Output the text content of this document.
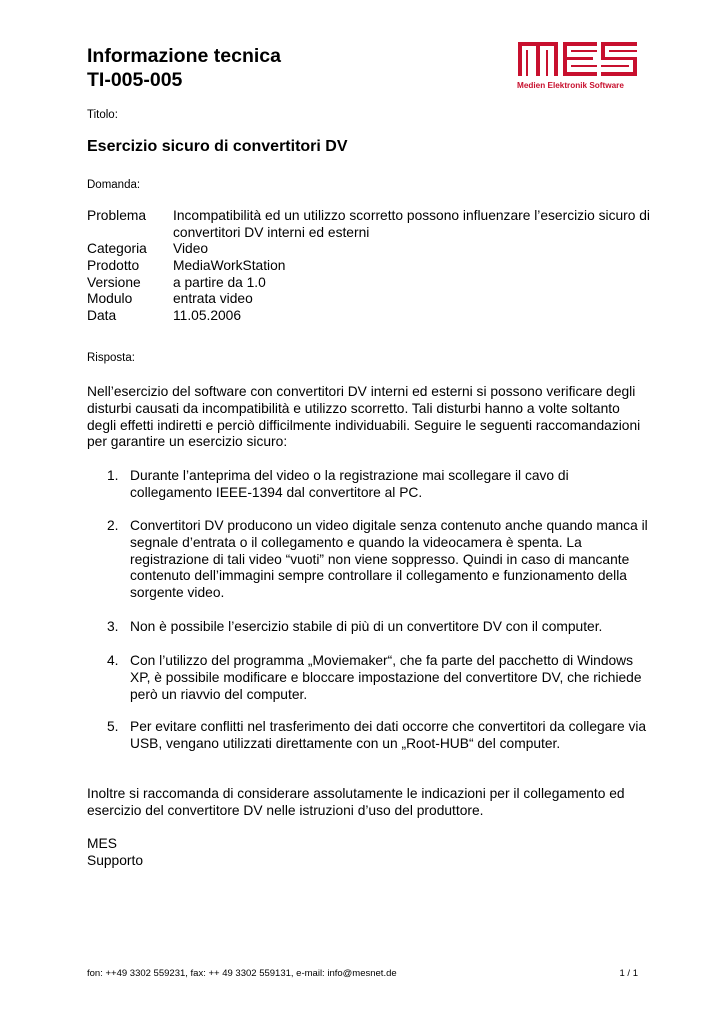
Informazione tecnica
TI-005-005	Medien Elektronik Software
Titolo:
Esercizio sicuro di convertitori DV
Domanda:
Problema Incompatibilità ed un utilizzo scorretto possono influenzare l’esercizio sicuro di convertitori DV interni ed esterni
Categoria Video
Prodotto MediaWorkStation
Versione a partire da 1.0
Modulo	entrata video
Data	11.05.2006
Risposta:
Nell’esercizio del software con convertitori DV interni ed esterni si possono verificare degli disturbi causati da incompatibilità e utilizzo scorretto. Tali disturbi hanno a volte soltanto degli effetti indiretti e perciò difficilmente individuabili. Seguire le seguenti raccomandazioni per garantire un esercizio sicuro:
1. Durante l’anteprima del video o la registrazione mai scollegare il cavo di collegamento IEEE-1394 dal convertitore al PC.
2. Convertitori DV producono un video digitale senza contenuto anche quando manca il segnale d’entrata o il collegamento e quando la videocamera è spenta. La registrazione di tali video “vuoti” non viene soppresso. Quindi in caso di mancante contenuto dell’immagini sempre controllare il collegamento e funzionamento della sorgente video.
3. Non è possibile l’esercizio stabile di più di un convertitore DV con il computer.
4. Con l’utilizzo del programma „Moviemaker“, che fa parte del pacchetto di Windows XP, è possibile modificare e bloccare impostazione del convertitore DV, che richiede però un riavvio del computer.
5. Per evitare conflitti nel trasferimento dei dati occorre che convertitori da collegare via USB, vengano utilizzati direttamente con un „Root-HUB“ del computer.
Inoltre si raccomanda di considerare assolutamente le indicazioni per il collegamento ed esercizio del convertitore DV nelle istruzioni d’uso del produttore.
MES
Supporto
fon: ++49 3302 559231, fax: ++ 49 3302 559131, e-mail: info@mesnet.de	1 / 1
